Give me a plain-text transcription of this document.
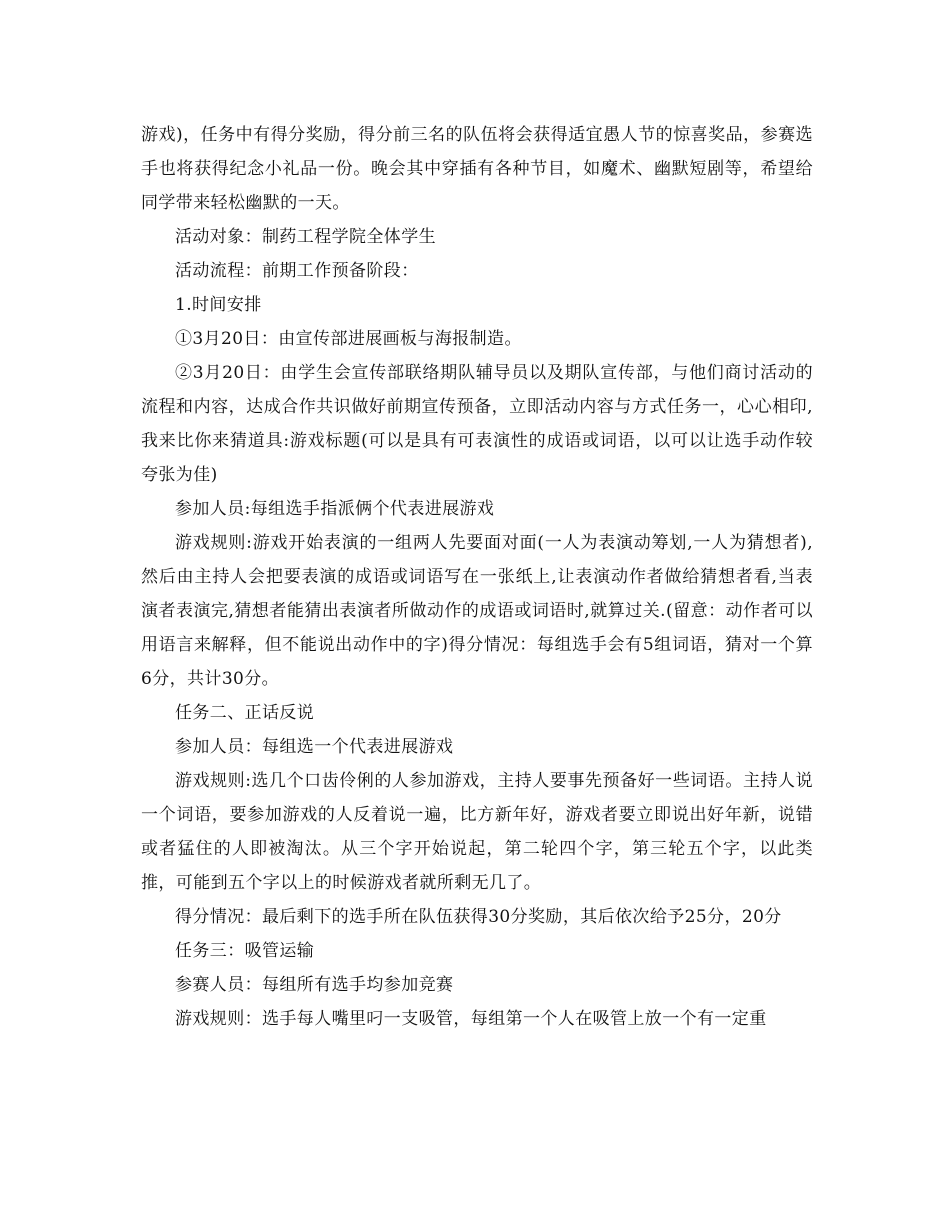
游戏)，任务中有得分奖励，得分前三名的队伍将会获得适宜愚人节的惊喜奖品，参赛选手也将获得纪念小礼品一份。晚会其中穿插有各种节目，如魔术、幽默短剧等，希望给同学带来轻松幽默的一天。

活动对象：制药工程学院全体学生

活动流程：前期工作预备阶段：

1.时间安排

①3月20日：由宣传部进展画板与海报制造。

②3月20日：由学生会宣传部联络期队辅导员以及期队宣传部，与他们商讨活动的流程和内容，达成合作共识做好前期宣传预备，立即活动内容与方式任务一，心心相印,我来比你来猜道具:游戏标题(可以是具有可表演性的成语或词语，以可以让选手动作较夸张为佳)

参加人员:每组选手指派俩个代表进展游戏

游戏规则:游戏开始表演的一组两人先要面对面(一人为表演动筹划,一人为猜想者),然后由主持人会把要表演的成语或词语写在一张纸上,让表演动作者做给猜想者看,当表演者表演完,猜想者能猜出表演者所做动作的成语或词语时,就算过关.(留意：动作者可以用语言来解释，但不能说出动作中的字)得分情况：每组选手会有5组词语，猜对一个算6分，共计30分。

任务二、正话反说

参加人员：每组选一个代表进展游戏

游戏规则:选几个口齿伶俐的人参加游戏，主持人要事先预备好一些词语。主持人说一个词语，要参加游戏的人反着说一遍，比方新年好，游戏者要立即说出好年新，说错或者猛住的人即被淘汰。从三个字开始说起，第二轮四个字，第三轮五个字，以此类推，可能到五个字以上的时候游戏者就所剩无几了。

得分情况：最后剩下的选手所在队伍获得30分奖励，其后依次给予25分，20分

任务三：吸管运输

参赛人员：每组所有选手均参加竞赛

游戏规则：选手每人嘴里叼一支吸管，每组第一个人在吸管上放一个有一定重
